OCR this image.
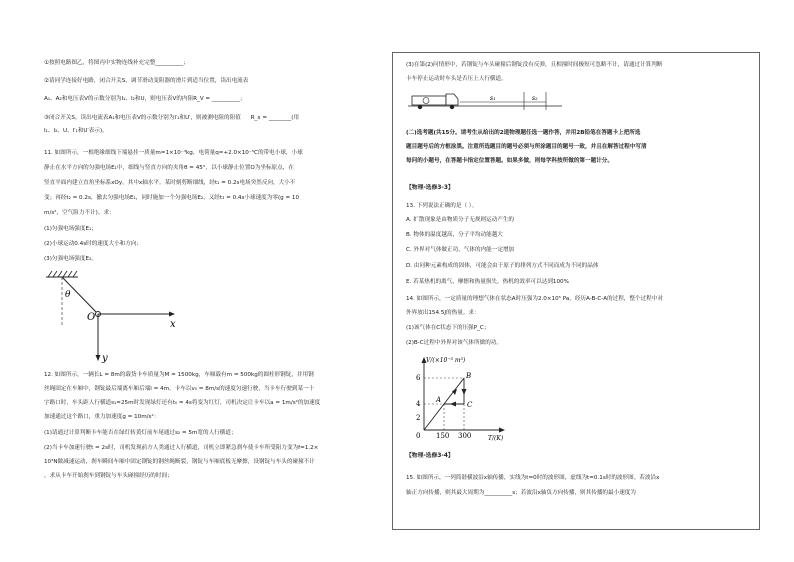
①按照电路图乙，将图丙中实物连线补充完整__________；
②请同学连接好电路，闭合开关S，调节滑动变阻器的滑片到适当位置，读出电流表
A₁、A₂和电压表V的示数分别为I₁、I₂和U，则电压表V的内阻R_V = __________；
③闭合开关S，读出电流表A₁和电压表V的示数分别为I′₁和U′，则被测电阻的阻值 R_x = ________(用
I₁、I₂、U、I′₁和U′表示)。
11. 如图所示，一根绝缘细线下端悬挂一质量m=1×10⁻³kg，电荷量q=+2.0×10⁻⁵C的带电小球，小球
静止在水平方向的匀强电场E₁中，细线与竖直方向的夹角θ = 45°，以小球静止位置O为坐标原点，在
竖直平面内建立直角坐标系xOy，其中x轴水平。某时刻剪断细线，经t₁ = 0.2s电场突然反向，大小不
变；再经t₂ = 0.2s，撤去匀强电场E₁，同时施加一个匀强电场E₂，又经t₃ = 0.4s小球速度为零(g = 10
m/s²，空气阻力不计)。求：
(1)匀强电场强度E₁；
(2)小球运动0.4s时的速度大小和方向；
(3)匀强电场强度E₂。
θ
O
x
y
12. 如图所示，一辆长L = 8m的载货卡车质量为M = 1500kg，车厢载有m = 500kg的圆柱形钢锭，并用钢
丝绳固定在车厢中，钢锭最后端离车厢后端l = 4m。卡车以v₀ = 8m/s的速度匀速行驶，当卡车行驶到某一十
字路口时，车头距人行横道s₁=25m时发现绿灯还有t₀ = 4s将变为红灯，司机决定让卡车以a = 1m/s²的加速度
加速通过这个路口，重力加速度g = 10m/s²：
(1)请通过计算判断卡车能否在绿灯转黄灯前车尾通过s₂ = 5m宽的人行横道；
(2)当卡车加速行驶t = 2s时，司机发现前方人类通过人行横道，司机立即紧急刹车使卡车所受阻力变为f=1.2×
10⁴N做减速运动，刹车瞬间车厢中固定钢锭的钢丝绳断裂，钢锭与车厢底板无摩擦，设钢锭与车头的碰撞不计
，求从卡车开始刹车到钢锭与车头碰撞经历的时间；
(3)在第(2)问情形中，若钢锭与车头碰撞后钢锭没有反弹，且相撞时间极短可忽略不计，请通过计算判断
卡车停止运动时车头是否压上人行横道。
s₁	s₂
(二)选考题(共15分。请考生从给出的2道物理题任选一题作答，并用2B铅笔在答题卡上把所选
题目题号后的方框涂黑。注意所选题目的题号必须与所涂题目的题号一致，并且在解答过程中写清
每问的小题号，在答题卡指定位置答题。如果多做，则每学科按所做的第一题计分。
【物理-选修3-3】
13. 下列说法正确的是（ ）。
A. 扩散现象是由物质分子无规则运动产生的
B. 物体的温度越高，分子平均动能越大
C. 外界对气体做正功，气体的内能一定增加
D. 由同种元素构成的固体，可能会由于原子的排列方式不同而成为不同的晶体
E. 若某热机的离气、摩擦和热量损失，热机的效率可以达到100%
14. 如图所示，一定质量的理想气体在状态A时压强为2.0×10⁵ Pa，经历A-B-C-A的过程，整个过程中对
外界放出154.5J的热量。求：
(1)该气体在C状态下的压强P_C；
(2)B-C过程中外界对该气体所做的功。
V/(×10⁻³ m³)
T/(K)
6
4
2
0 150 300
A
B
C
【物理-选修3-4】
15. 如图所示，一列简谐横波沿x轴传播，实线为t=0时的波形图，虚线为t=0.1s时的波形图。若波沿x
轴正方向传播，则其最大周期为__________s；若波沿x轴负方向传播，则其传播的最小速度为
